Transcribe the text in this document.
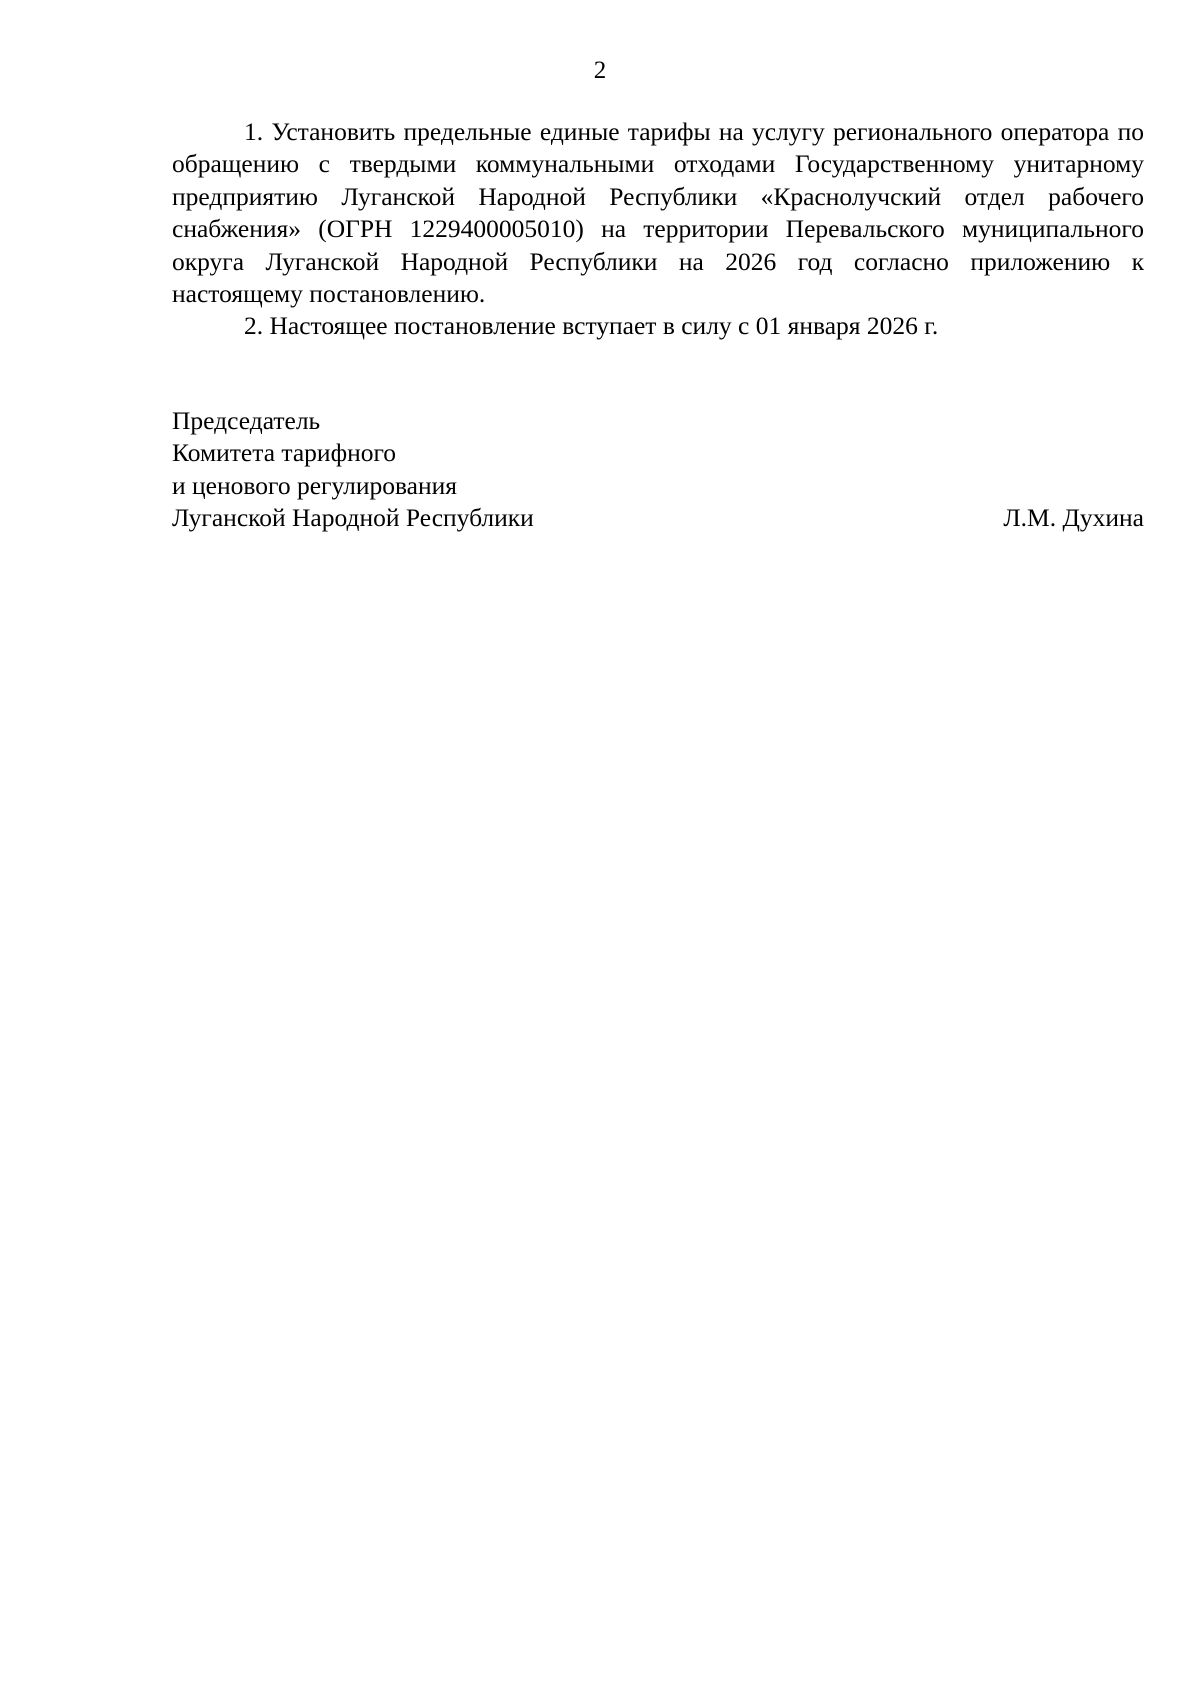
2

1. Установить предельные единые тарифы на услугу регионального оператора по обращению с твердыми коммунальными отходами Государственному унитарному предприятию Луганской Народной Республики «Краснолучский отдел рабочего снабжения» (ОГРН 1229400005010) на территории Перевальского муниципального округа Луганской Народной Республики на 2026 год согласно приложению к настоящему постановлению.

2. Настоящее постановление вступает в силу с 01 января 2026 г.

Председатель
Комитета тарифного
и ценового регулирования
Луганской Народной Республики	Л.М. Духина
